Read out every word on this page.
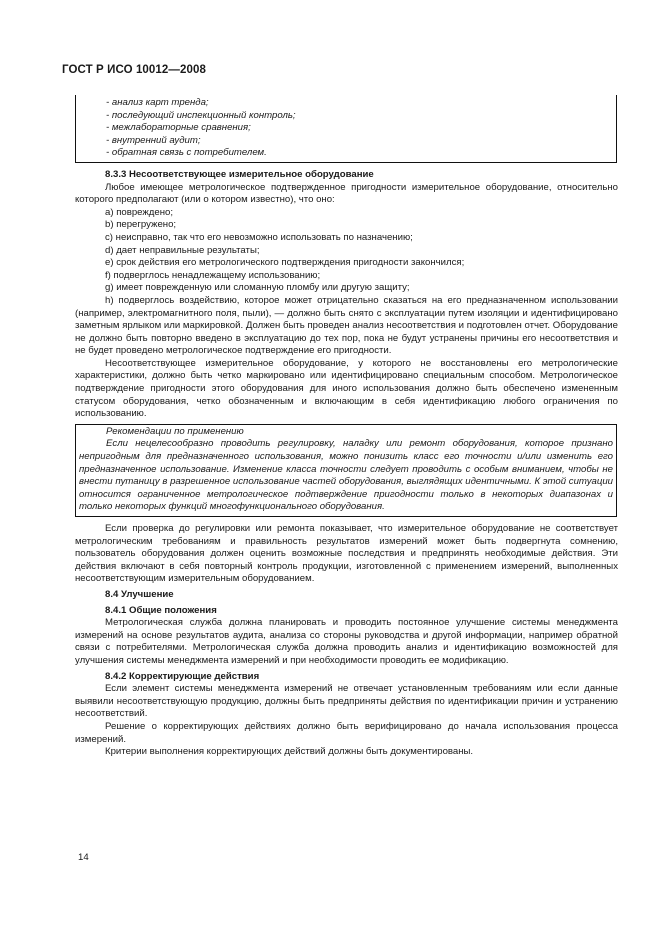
ГОСТ Р ИСО 10012—2008
- анализ карт тренда;
- последующий инспекционный контроль;
- межлабораторные сравнения;
- внутренний аудит;
- обратная связь с потребителем.
8.3.3 Несоответствующее измерительное оборудование
Любое имеющее метрологическое подтвержденное пригодности измерительное оборудование, относительно которого предполагают (или о котором известно), что оно:
a) повреждено;
b) перегружено;
c) неисправно, так что его невозможно использовать по назначению;
d) дает неправильные результаты;
e) срок действия его метрологического подтверждения пригодности закончился;
f) подверглось ненадлежащему использованию;
g) имеет поврежденную или сломанную пломбу или другую защиту;
h) подверглось воздействию, которое может отрицательно сказаться на его предназначенном использовании (например, электромагнитного поля, пыли), — должно быть снято с эксплуатации путем изоляции и идентифицировано заметным ярлыком или маркировкой. Должен быть проведен анализ несоответствия и подготовлен отчет. Оборудование не должно быть повторно введено в эксплуатацию до тех пор, пока не будут устранены причины его несоответствия и не будет проведено метрологическое подтверждение его пригодности.
Несоответствующее измерительное оборудование, у которого не восстановлены его метрологические характеристики, должно быть четко маркировано или идентифицировано специальным способом. Метрологическое подтверждение пригодности этого оборудования для иного использования должно быть обеспечено измененным статусом оборудования, четко обозначенным и включающим в себя идентификацию любого ограничения по использованию.
Рекомендации по применению
Если нецелесообразно проводить регулировку, наладку или ремонт оборудования, которое признано непригодным для предназначенного использования, можно понизить класс его точности и/или изменить его предназначенное использование. Изменение класса точности следует проводить с особым вниманием, чтобы не внести путаницу в разрешенное использование частей оборудования, выглядящих идентичными. К этой ситуации относится ограниченное метрологическое подтверждение пригодности только в некоторых диапазонах и только некоторых функций многофункционального оборудования.
Если проверка до регулировки или ремонта показывает, что измерительное оборудование не соответствует метрологическим требованиям и правильность результатов измерений может быть подвергнута сомнению, пользователь оборудования должен оценить возможные последствия и предпринять необходимые действия. Эти действия включают в себя повторный контроль продукции, изготовленной с применением измерений, выполненных несоответствующим измерительным оборудованием.
8.4 Улучшение
8.4.1 Общие положения
Метрологическая служба должна планировать и проводить постоянное улучшение системы менеджмента измерений на основе результатов аудита, анализа со стороны руководства и другой информации, например обратной связи с потребителями. Метрологическая служба должна проводить анализ и идентификацию возможностей для улучшения системы менеджмента измерений и при необходимости проводить ее модификацию.
8.4.2 Корректирующие действия
Если элемент системы менеджмента измерений не отвечает установленным требованиям или если данные выявили несоответствующую продукцию, должны быть предприняты действия по идентификации причин и устранению несоответствий.
Решение о корректирующих действиях должно быть верифицировано до начала использования процесса измерений.
Критерии выполнения корректирующих действий должны быть документированы.
14
